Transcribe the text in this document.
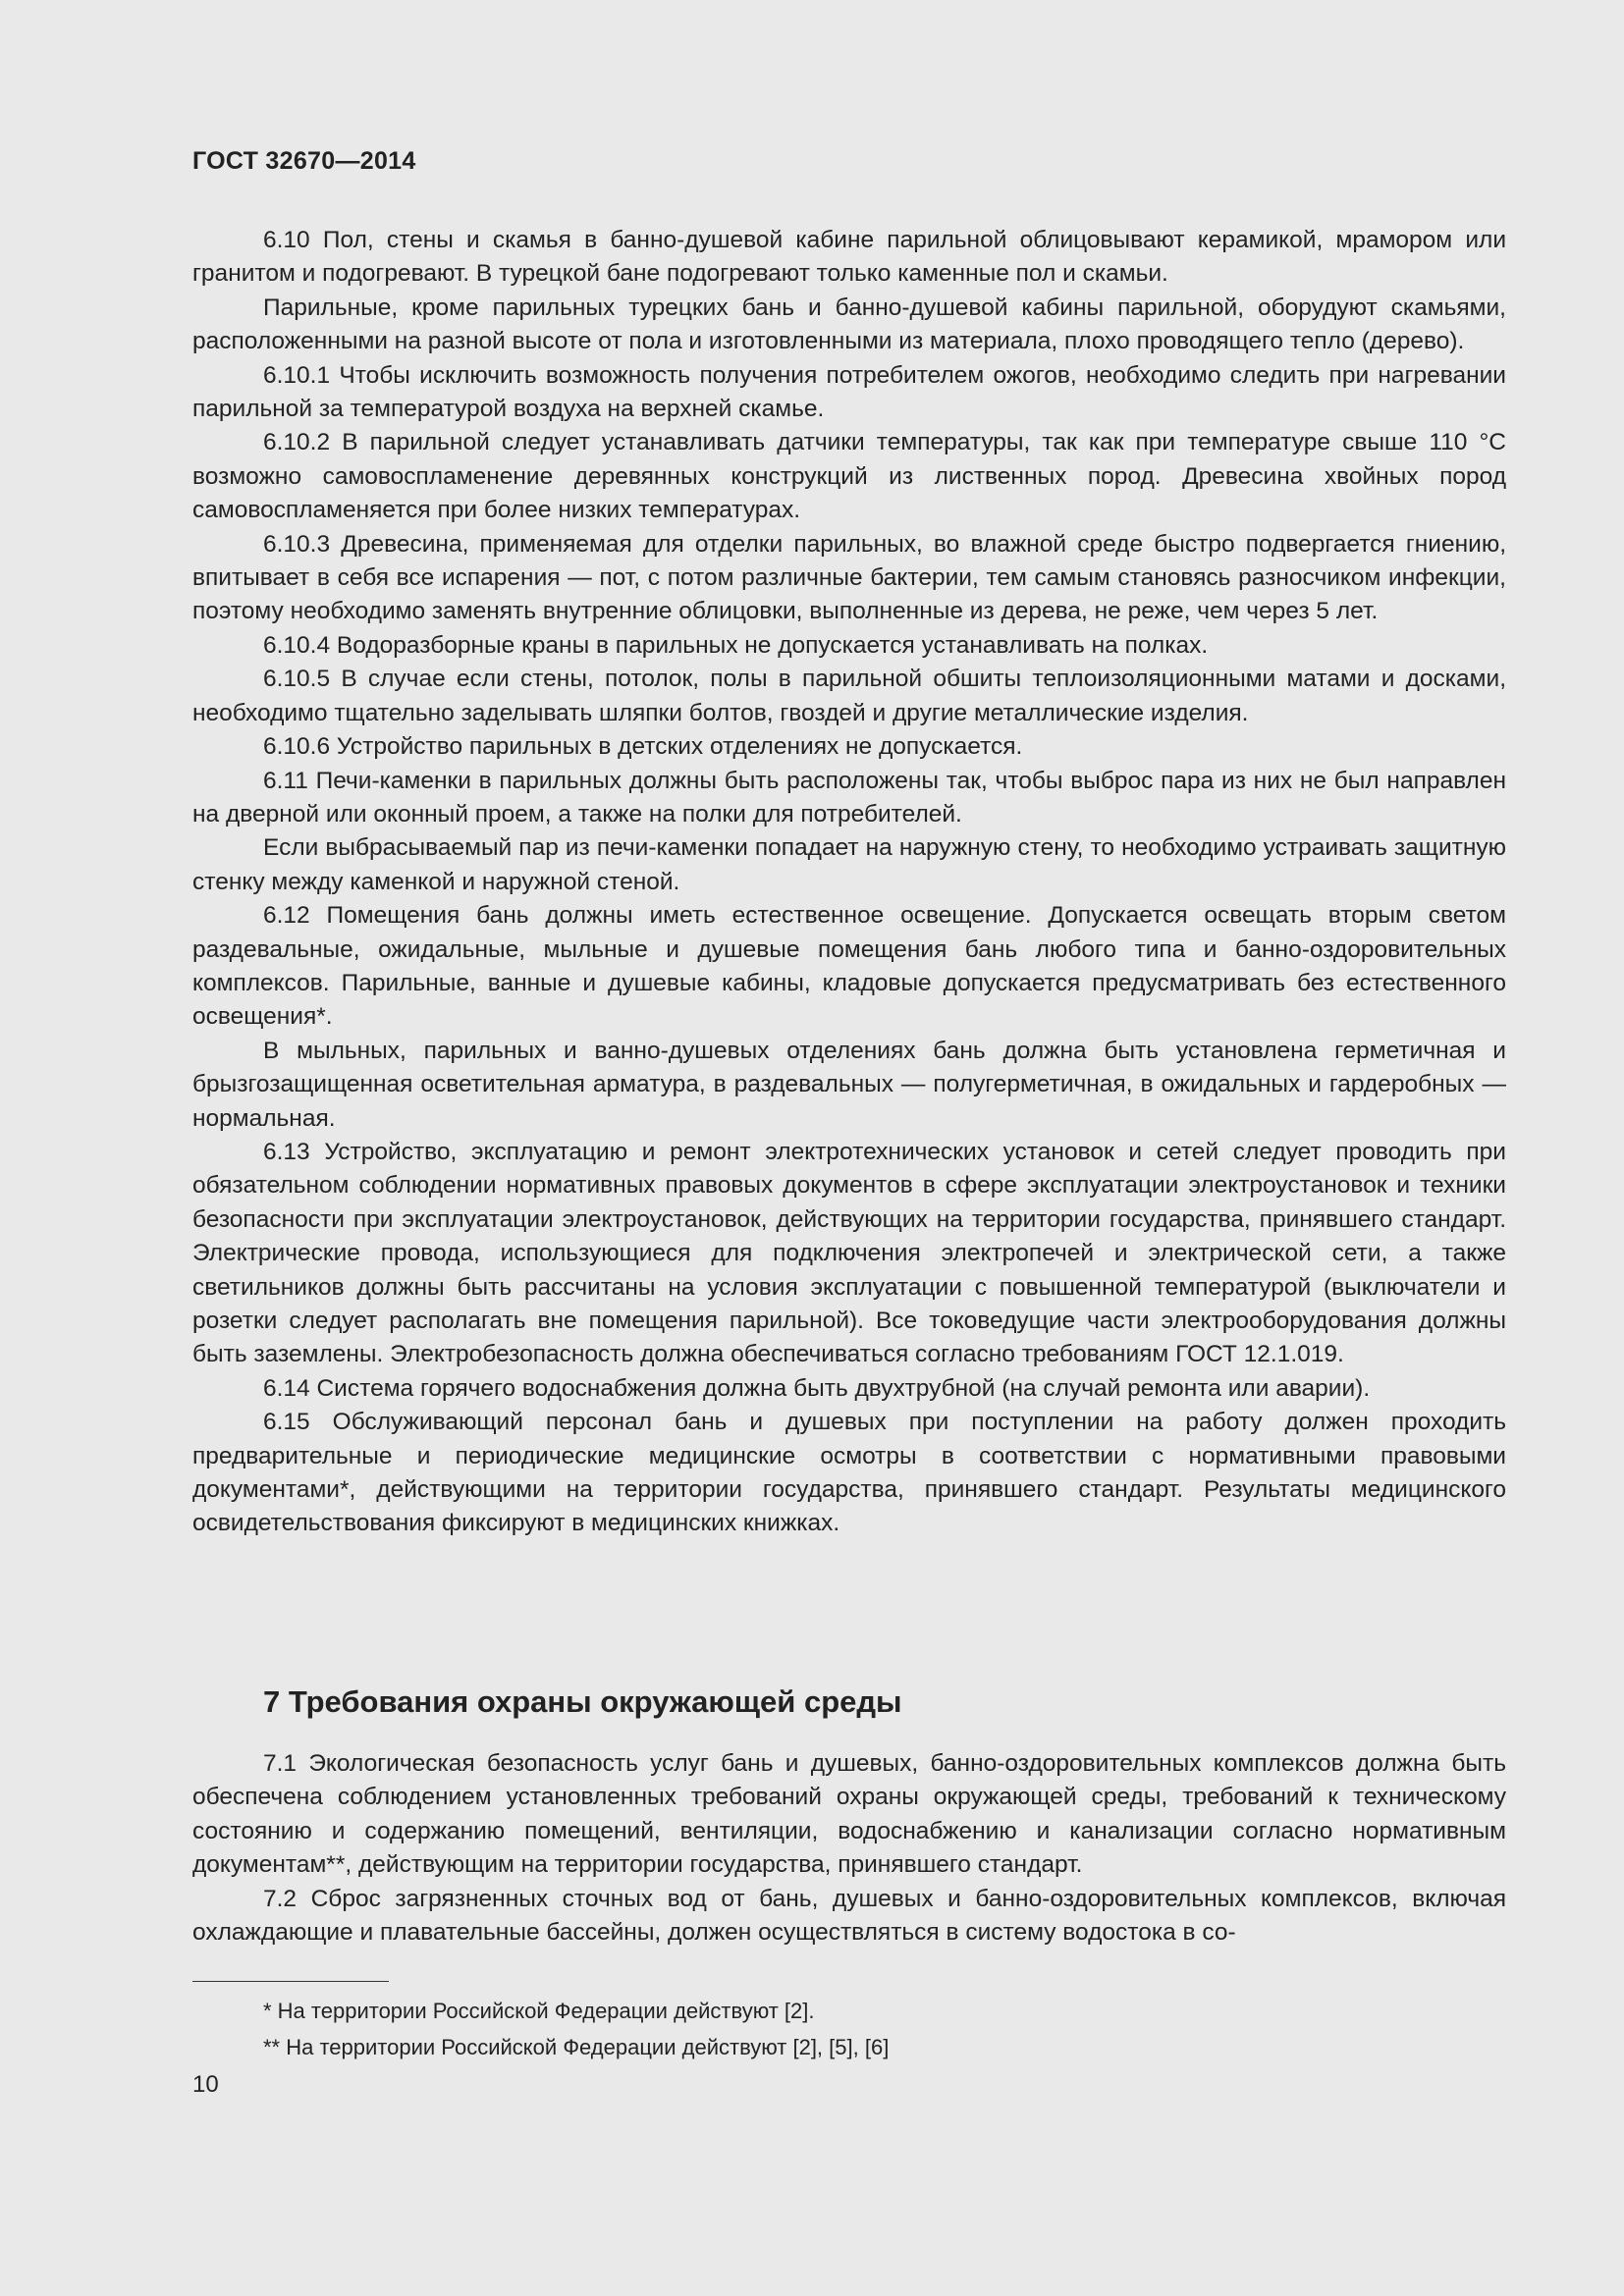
ГОСТ 32670—2014

6.10 Пол, стены и скамья в банно-душевой кабине парильной облицовывают керамикой, мрамором или гранитом и подогревают. В турецкой бане подогревают только каменные пол и скамьи.

Парильные, кроме парильных турецких бань и банно-душевой кабины парильной, оборудуют скамьями, расположенными на разной высоте от пола и изготовленными из материала, плохо проводящего тепло (дерево).

6.10.1 Чтобы исключить возможность получения потребителем ожогов, необходимо следить при нагревании парильной за температурой воздуха на верхней скамье.

6.10.2 В парильной следует устанавливать датчики температуры, так как при температуре свыше 110 °С возможно самовоспламенение деревянных конструкций из лиственных пород. Древесина хвойных пород самовоспламеняется при более низких температурах.

6.10.3 Древесина, применяемая для отделки парильных, во влажной среде быстро подвергается гниению, впитывает в себя все испарения — пот, с потом различные бактерии, тем самым становясь разносчиком инфекции, поэтому необходимо заменять внутренние облицовки, выполненные из дерева, не реже, чем через 5 лет.

6.10.4 Водоразборные краны в парильных не допускается устанавливать на полках.

6.10.5 В случае если стены, потолок, полы в парильной обшиты теплоизоляционными матами и досками, необходимо тщательно заделывать шляпки болтов, гвоздей и другие металлические изделия.

6.10.6 Устройство парильных в детских отделениях не допускается.

6.11 Печи-каменки в парильных должны быть расположены так, чтобы выброс пара из них не был направлен на дверной или оконный проем, а также на полки для потребителей.

Если выбрасываемый пар из печи-каменки попадает на наружную стену, то необходимо устраивать защитную стенку между каменкой и наружной стеной.

6.12 Помещения бань должны иметь естественное освещение. Допускается освещать вторым светом раздевальные, ожидальные, мыльные и душевые помещения бань любого типа и банно-оздоровительных комплексов. Парильные, ванные и душевые кабины, кладовые допускается предусматривать без естественного освещения*.

В мыльных, парильных и ванно-душевых отделениях бань должна быть установлена герметичная и брызгозащищенная осветительная арматура, в раздевальных — полугерметичная, в ожидальных и гардеробных — нормальная.

6.13 Устройство, эксплуатацию и ремонт электротехнических установок и сетей следует проводить при обязательном соблюдении нормативных правовых документов в сфере эксплуатации электроустановок и техники безопасности при эксплуатации электроустановок, действующих на территории государства, принявшего стандарт. Электрические провода, использующиеся для подключения электропечей и электрической сети, а также светильников должны быть рассчитаны на условия эксплуатации с повышенной температурой (выключатели и розетки следует располагать вне помещения парильной). Все токоведущие части электрооборудования должны быть заземлены. Электробезопасность должна обеспечиваться согласно требованиям ГОСТ 12.1.019.

6.14 Система горячего водоснабжения должна быть двухтрубной (на случай ремонта или аварии).

6.15 Обслуживающий персонал бань и душевых при поступлении на работу должен проходить предварительные и периодические медицинские осмотры в соответствии с нормативными правовыми документами*, действующими на территории государства, принявшего стандарт. Результаты медицинского освидетельствования фиксируют в медицинских книжках.

7 Требования охраны окружающей среды

7.1 Экологическая безопасность услуг бань и душевых, банно-оздоровительных комплексов должна быть обеспечена соблюдением установленных требований охраны окружающей среды, требований к техническому состоянию и содержанию помещений, вентиляции, водоснабжению и канализации согласно нормативным документам**, действующим на территории государства, принявшего стандарт.

7.2 Сброс загрязненных сточных вод от бань, душевых и банно-оздоровительных комплексов, включая охлаждающие и плавательные бассейны, должен осуществляться в систему водостока в со-

* На территории Российской Федерации действуют [2].
** На территории Российской Федерации действуют [2], [5], [6]
10
